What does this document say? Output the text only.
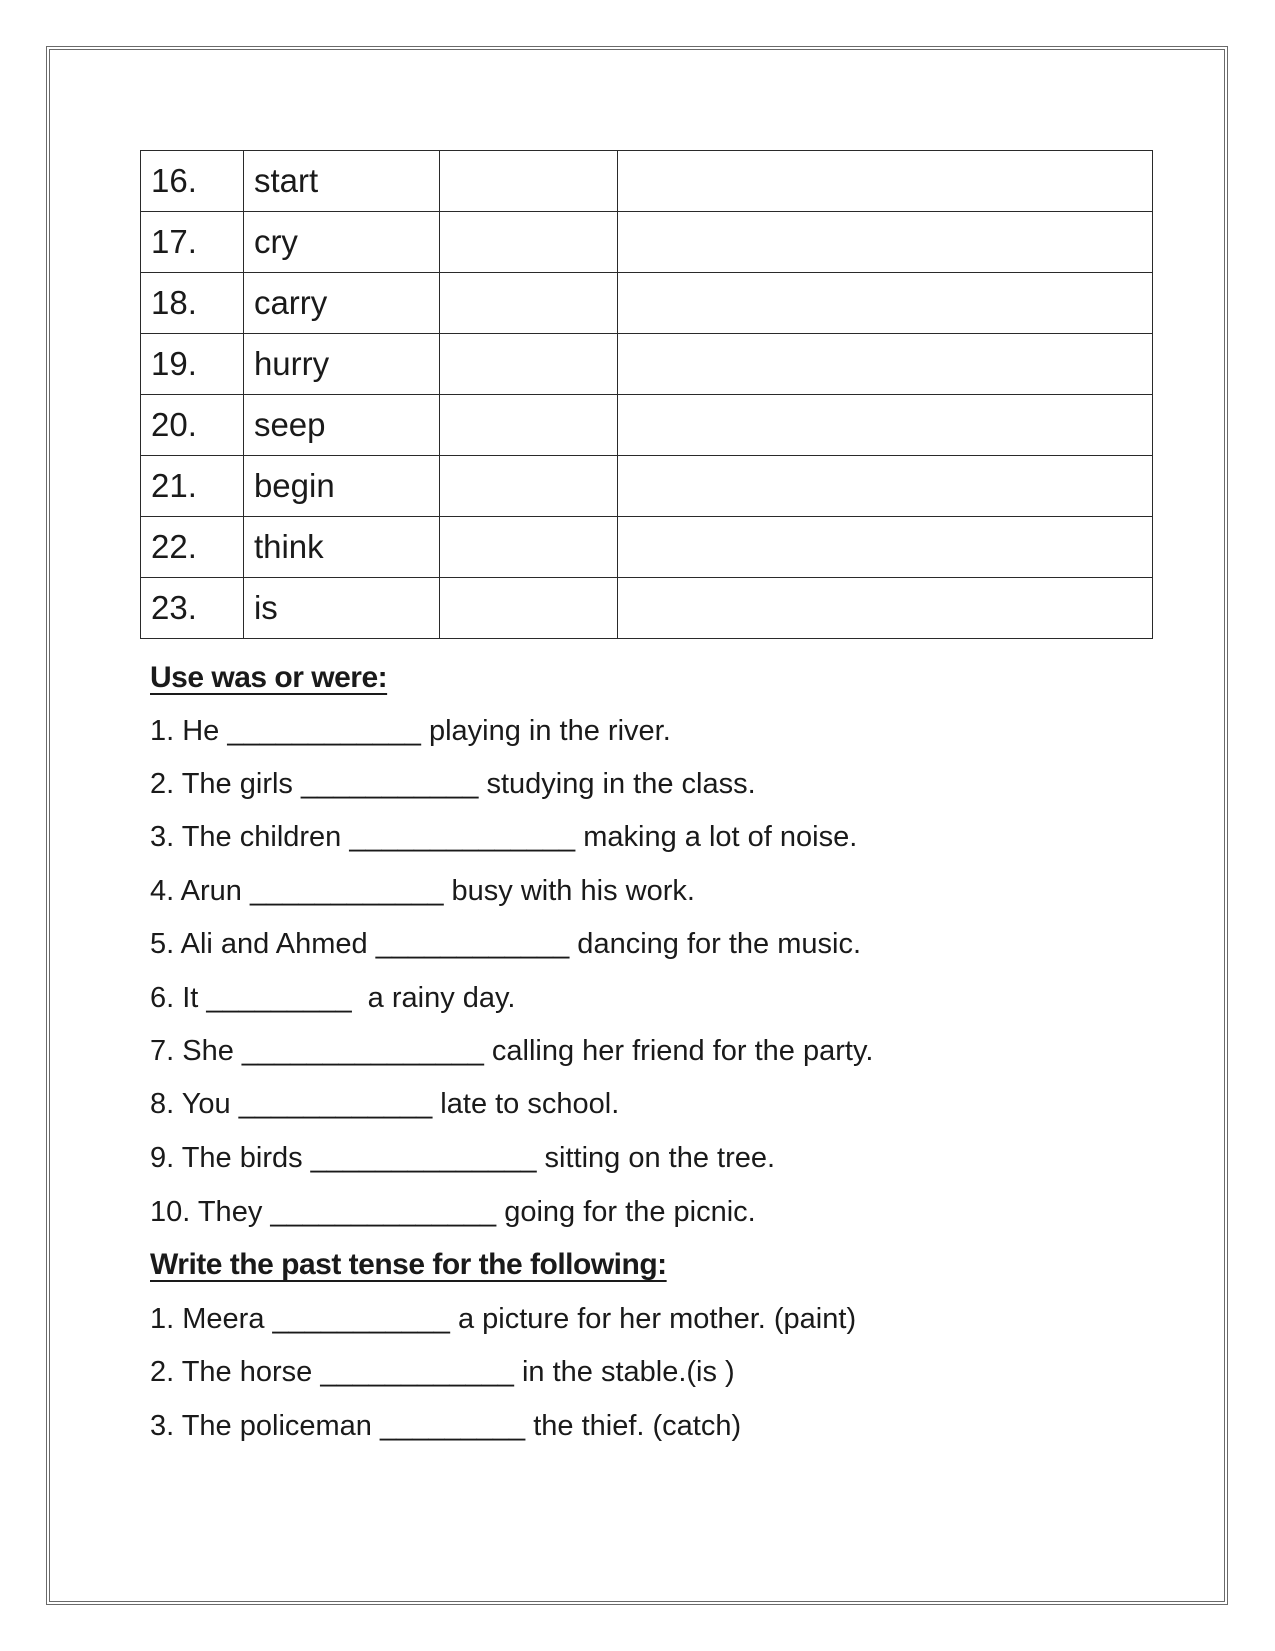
16.	start		
17.	cry		
18.	carry		
19.	hurry		
20.	seep		
21.	begin		
22.	think		
23.	is		
Use was or were:
1. He ____________ playing in the river.
2. The girls ___________ studying in the class.
3. The children ______________ making a lot of noise.
4. Arun ____________ busy with his work.
5. Ali and Ahmed ____________ dancing for the music.
6. It _________  a rainy day.
7. She _______________ calling her friend for the party.
8. You ____________ late to school.
9. The birds ______________ sitting on the tree.
10. They ______________ going for the picnic.
Write the past tense for the following:
1. Meera ___________ a picture for her mother. (paint)
2. The horse ____________ in the stable.(is )
3. The policeman _________ the thief. (catch)
